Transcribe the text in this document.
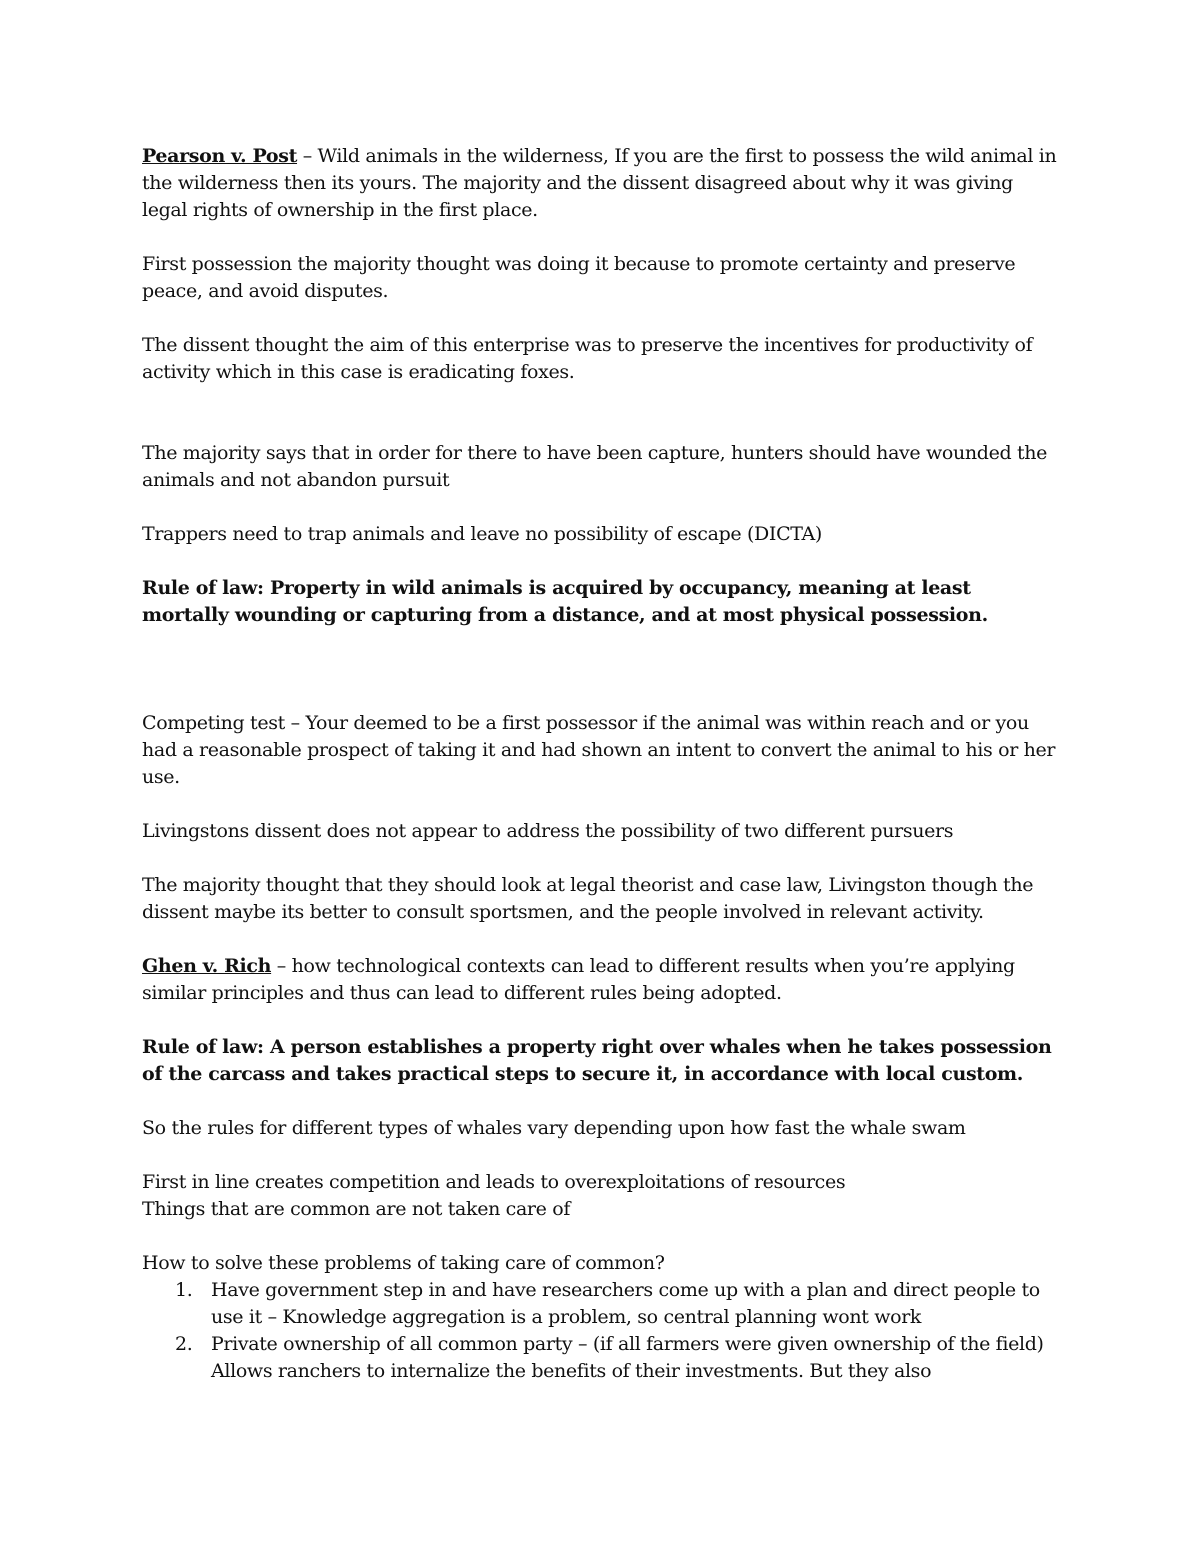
Pearson v. Post – Wild animals in the wilderness, If you are the first to possess the wild animal in the wilderness then its yours. The majority and the dissent disagreed about why it was giving legal rights of ownership in the first place.

First possession the majority thought was doing it because to promote certainty and preserve peace, and avoid disputes.

The dissent thought the aim of this enterprise was to preserve the incentives for productivity of activity which in this case is eradicating foxes.

The majority says that in order for there to have been capture, hunters should have wounded the animals and not abandon pursuit

Trappers need to trap animals and leave no possibility of escape (DICTA)

Rule of law: Property in wild animals is acquired by occupancy, meaning at least mortally wounding or capturing from a distance, and at most physical possession.

Competing test – Your deemed to be a first possessor if the animal was within reach and or you had a reasonable prospect of taking it and had shown an intent to convert the animal to his or her use.

Livingstons dissent does not appear to address the possibility of two different pursuers

The majority thought that they should look at legal theorist and case law, Livingston though the dissent maybe its better to consult sportsmen, and the people involved in relevant activity.

Ghen v. Rich – how technological contexts can lead to different results when you’re applying similar principles and thus can lead to different rules being adopted.

Rule of law: A person establishes a property right over whales when he takes possession of the carcass and takes practical steps to secure it, in accordance with local custom.

So the rules for different types of whales vary depending upon how fast the whale swam

First in line creates competition and leads to overexploitations of resources

Things that are common are not taken care of

How to solve these problems of taking care of common?

1. Have government step in and have researchers come up with a plan and direct people to use it – Knowledge aggregation is a problem, so central planning wont work
2. Private ownership of all common party – (if all farmers were given ownership of the field) Allows ranchers to internalize the benefits of their investments. But they also
